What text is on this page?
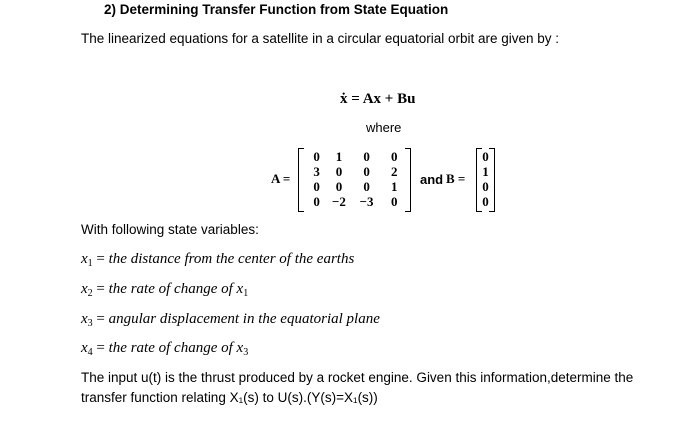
2) Determining Transfer Function from State Equation
The linearized equations for a satellite in a circular equatorial orbit are given by :
ẋ = Ax + Bu
where
A =
0	1	0	0
3	0	0	2
0	0	0	1
0	−2	−3	0
and B =
0
1
0
0
With following state variables:
$x_1$ = the distance from the center of the earths
$x_2$ = the rate of change of $x_1$
$x_3$ = angular displacement in the equatorial plane
$x_4$ = the rate of change of $x_3$
The input u(t) is the thrust produced by a rocket engine. Given this information,determine the
transfer function relating X₁(s) to U(s).(Y(s)=X₁(s))
